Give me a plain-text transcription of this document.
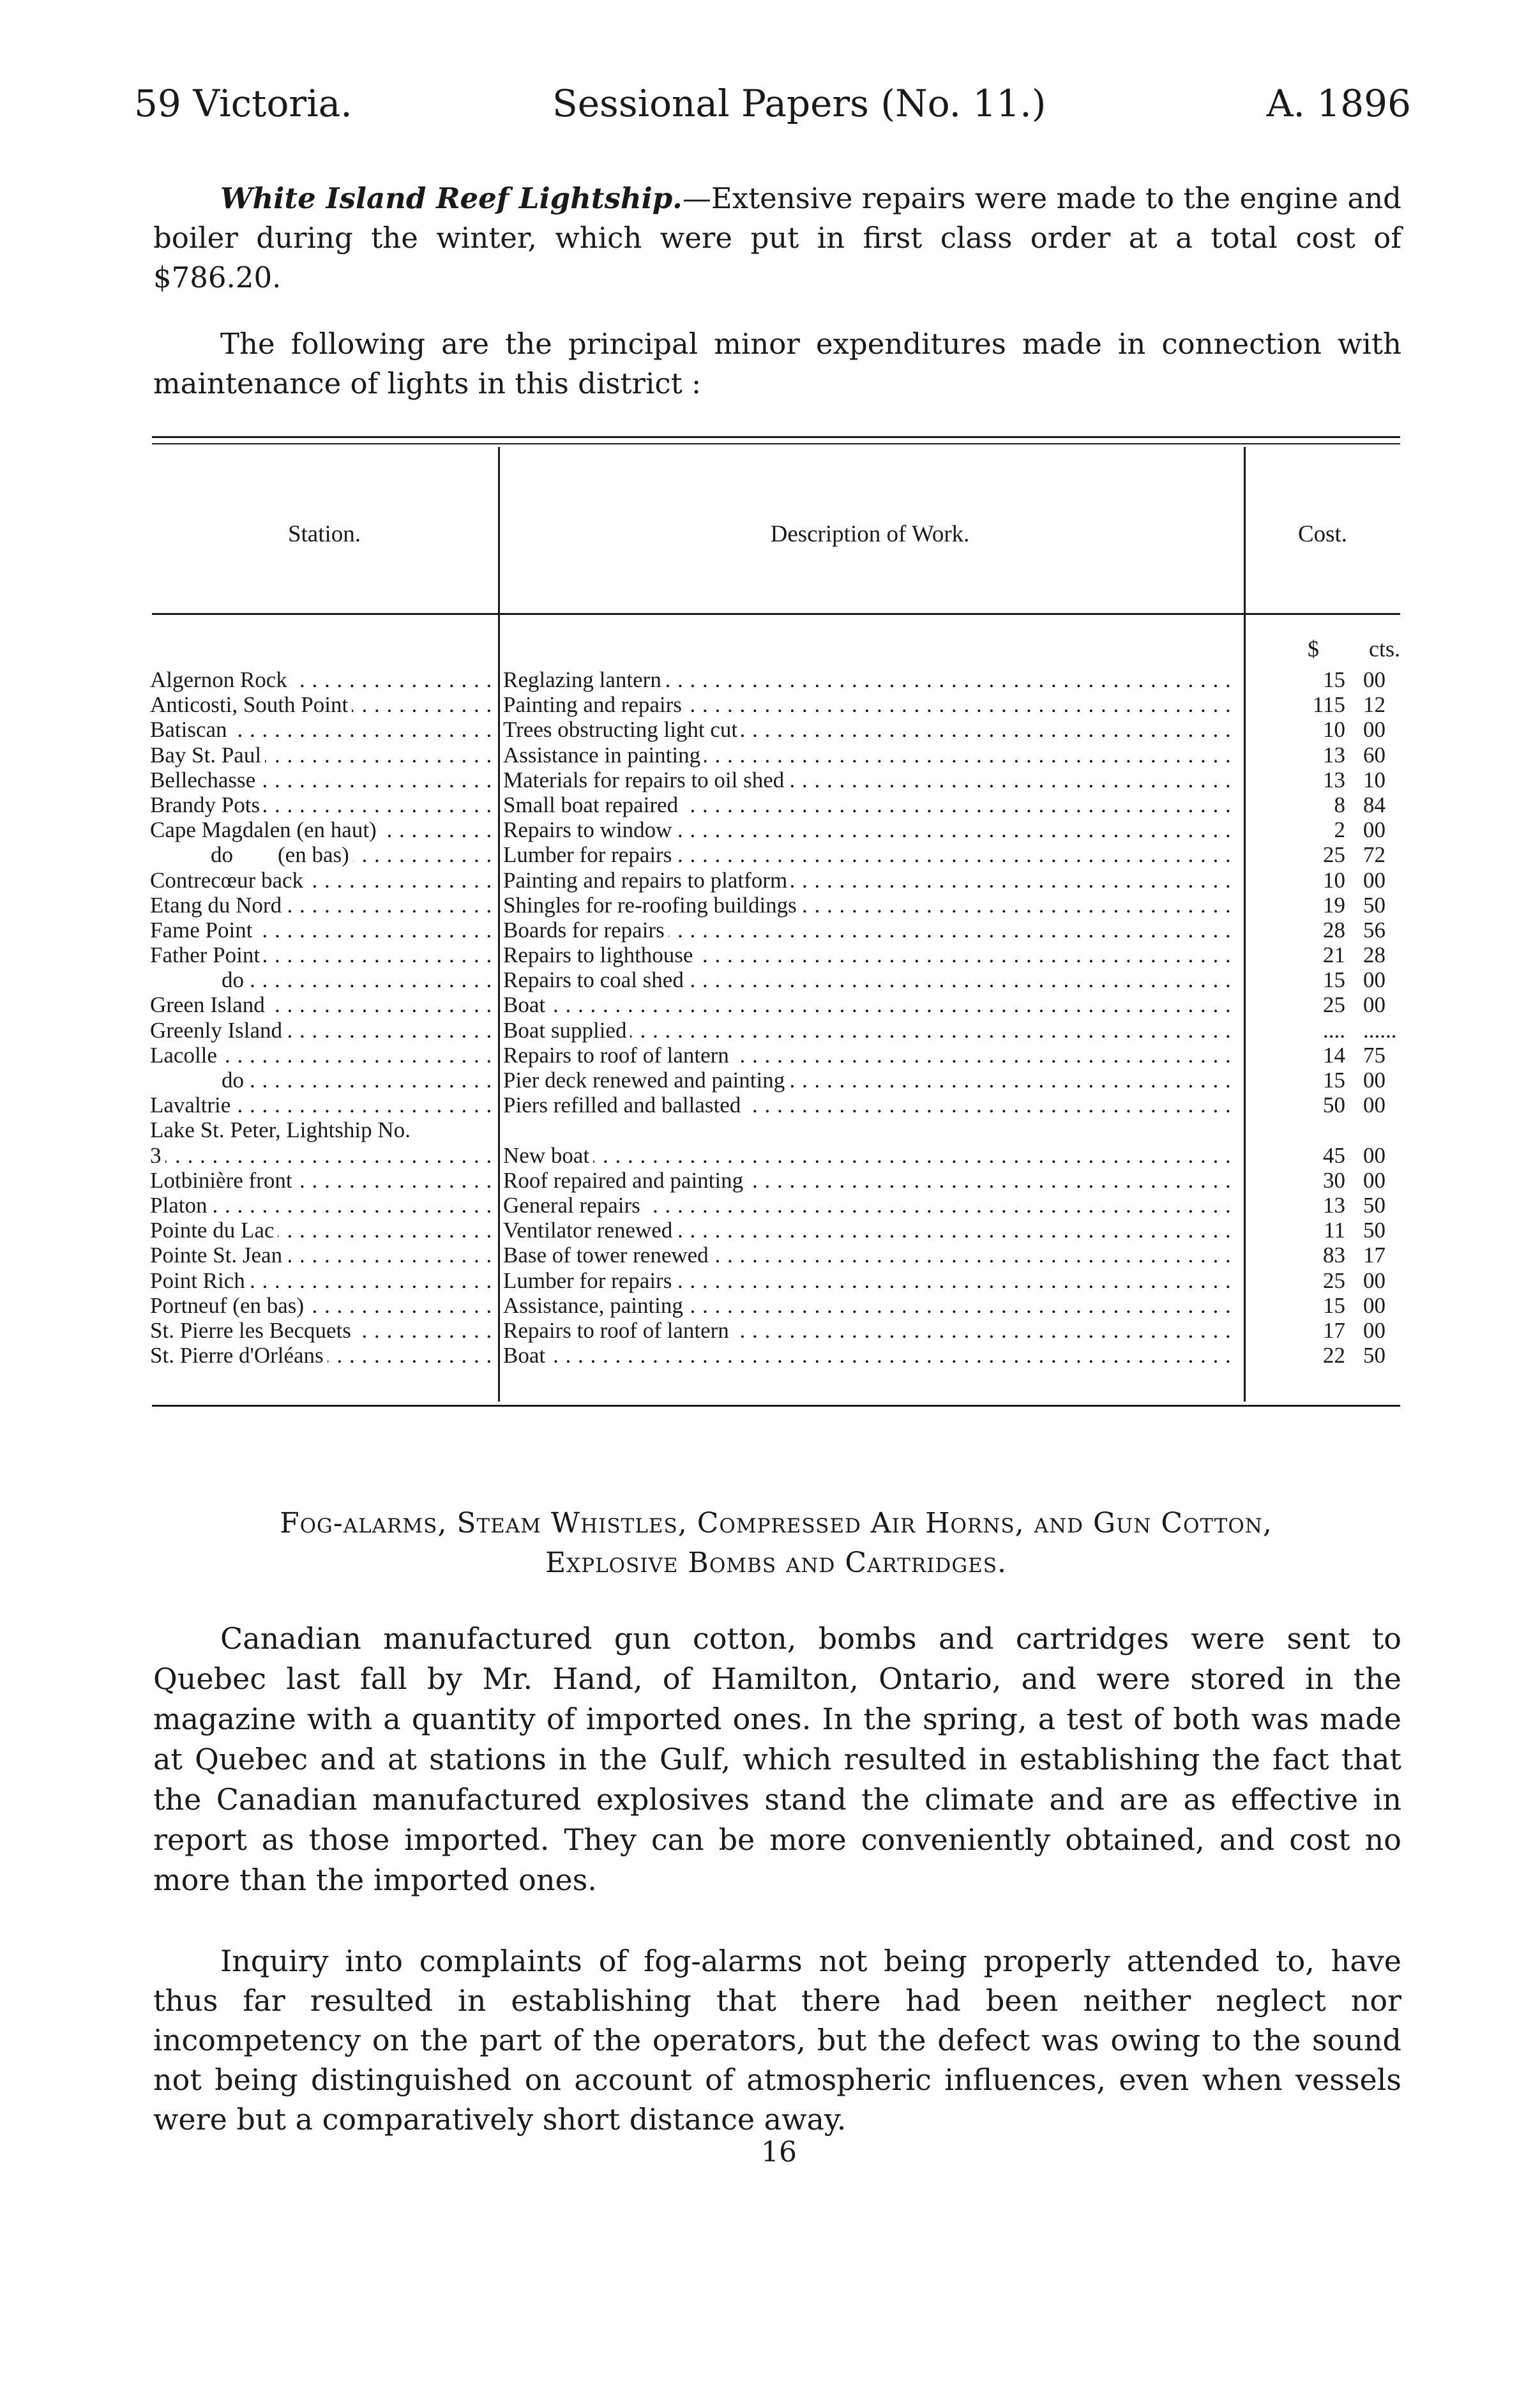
59 Victoria.	Sessional Papers (No. 11.)	A. 1896

White Island Reef Lightship.—Extensive repairs were made to the engine and boiler during the winter, which were put in first class order at a total cost of $786.20.

The following are the principal minor expenditures made in connection with maintenance of lights in this district :

Station.	Description of Work.	Cost.
$ cts.
Algernon Rock . . .	Reglazing lantern . . .	15 00
Anticosti, South Point . . .	Painting and repairs . . .	115 12
Batiscan . . .	Trees obstructing light cut . . .	10 00
Bay St. Paul . . .	Assistance in painting . . .	13 60
Bellechasse . . .	Materials for repairs to oil shed . . .	13 10
Brandy Pots . . .	Small boat repaired . . .	8 84
Cape Magdalen (en haut) . . .	Repairs to window . . .	2 00
do        (en bas) . . .	Lumber for repairs . . .	25 72
Contrecœur back . . .	Painting and repairs to platform . . .	10 00
Etang du Nord . . .	Shingles for re-roofing buildings . . .	19 50
Fame Point . . .	Boards for repairs . . .	28 56
Father Point . . .	Repairs to lighthouse . . .	21 28
do . . .	Repairs to coal shed . . .	15 00
Green Island . . .	Boat . . .	25 00
Greenly Island . . .	Boat supplied . . .	.... ......
Lacolle . . .	Repairs to roof of lantern . . .	14 75
do . . .	Pier deck renewed and painting . . .	15 00
Lavaltrie . . .	Piers refilled and ballasted . . .	50 00
Lake St. Peter, Lightship No.
3 . . .	New boat . . .	45 00
Lotbinière front . . .	Roof repaired and painting . . .	30 00
Platon . . .	General repairs . . .	13 50
Pointe du Lac . . .	Ventilator renewed . . .	11 50
Pointe St. Jean . . .	Base of tower renewed . . .	83 17
Point Rich . . .	Lumber for repairs . . .	25 00
Portneuf (en bas) . . .	Assistance, painting . . .	15 00
St. Pierre les Becquets . . .	Repairs to roof of lantern . . .	17 00
St. Pierre d'Orléans . . .	Boat . . .	22 50
Fog-alarms, Steam Whistles, Compressed Air Horns, and Gun Cotton,
Explosive Bombs and Cartridges.

Canadian manufactured gun cotton, bombs and cartridges were sent to Quebec last fall by Mr. Hand, of Hamilton, Ontario, and were stored in the magazine with a quantity of imported ones. In the spring, a test of both was made at Quebec and at stations in the Gulf, which resulted in establishing the fact that the Canadian manufactured explosives stand the climate and are as effective in report as those imported. They can be more conveniently obtained, and cost no more than the imported ones.

Inquiry into complaints of fog-alarms not being properly attended to, have thus far resulted in establishing that there had been neither neglect nor incompetency on the part of the operators, but the defect was owing to the sound not being distinguished on account of atmospheric influences, even when vessels were but a comparatively short distance away.

16
